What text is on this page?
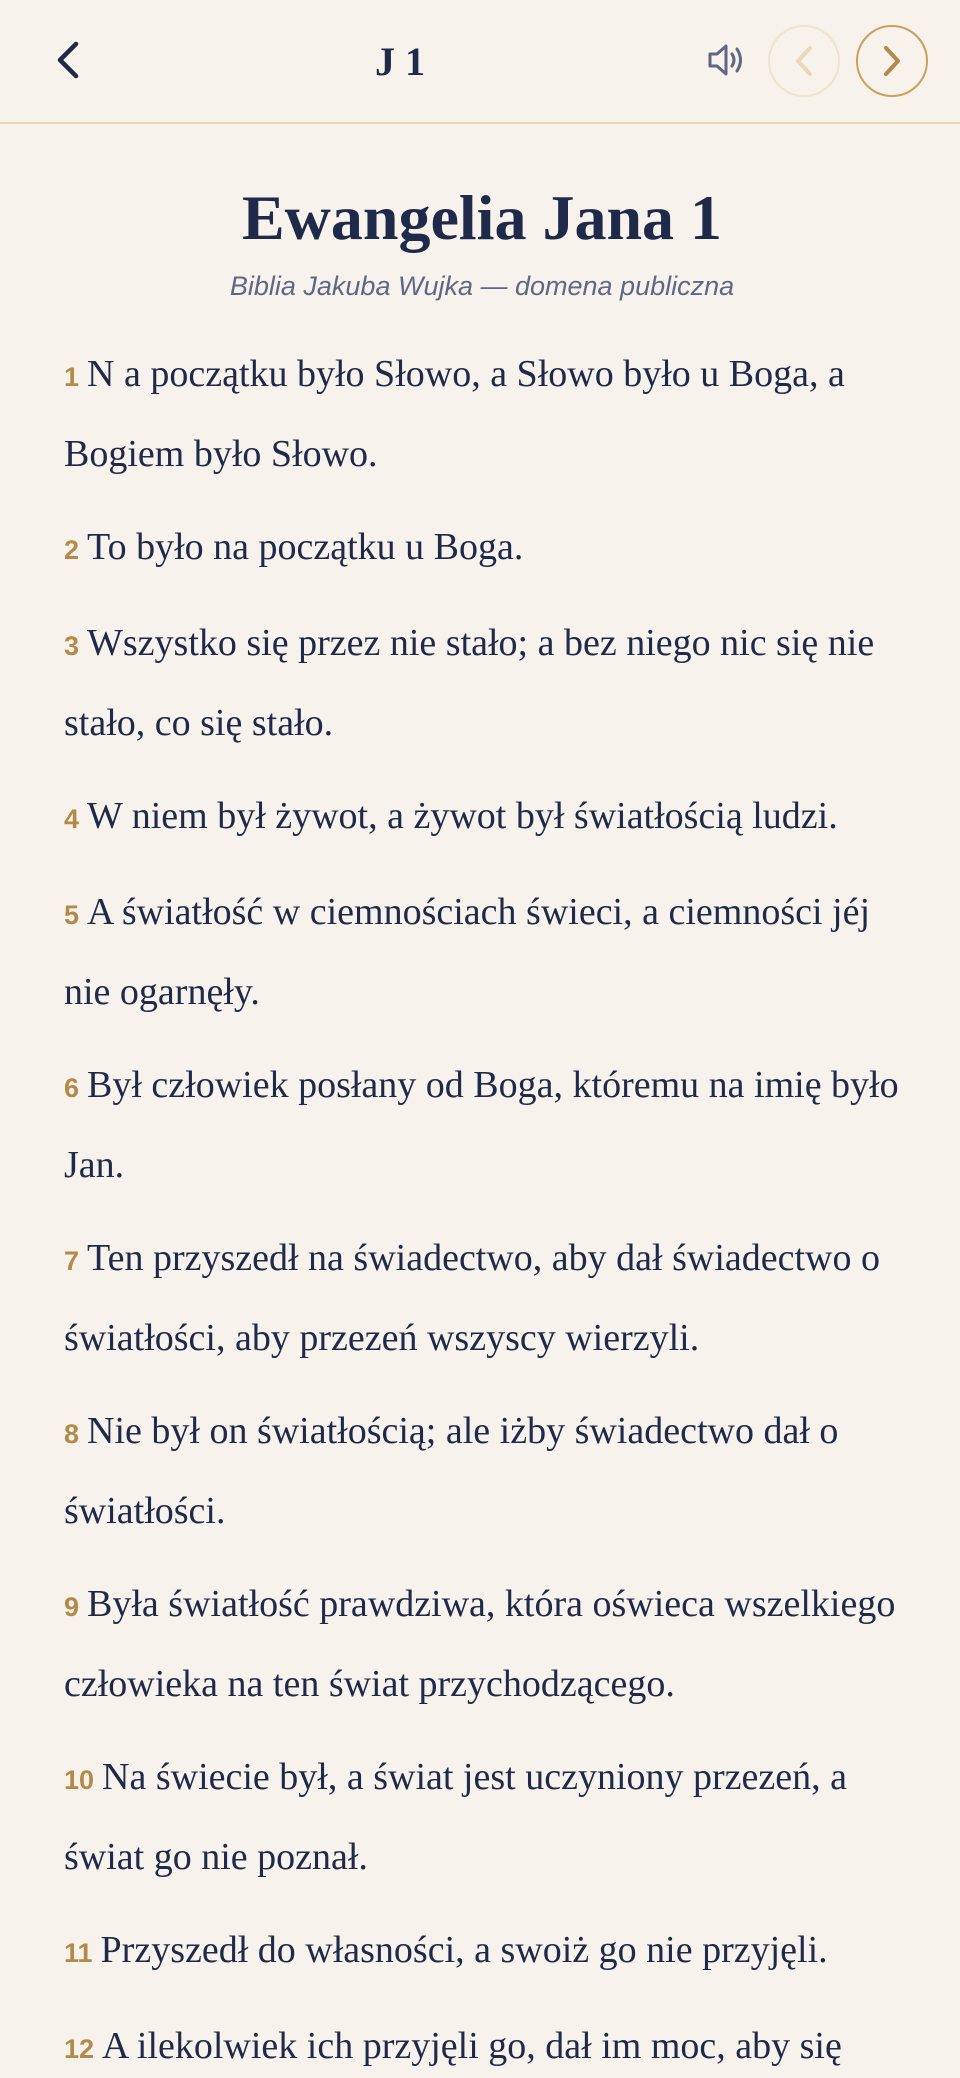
J 1
Ewangelia Jana 1
Biblia Jakuba Wujka — domena publiczna

1 N a początku było Słowo, a Słowo było u Boga, a Bogiem było Słowo.

2 To było na początku u Boga.

3 Wszystko się przez nie stało; a bez niego nic się nie stało, co się stało.

4 W niem był żywot, a żywot był światłością ludzi.

5 A światłość w ciemnościach świeci, a ciemności jéj nie ogarnęły.

6 Był człowiek posłany od Boga, któremu na imię było Jan.

7 Ten przyszedł na świadectwo, aby dał świadectwo o światłości, aby przezeń wszyscy wierzyli.

8 Nie był on światłością; ale iżby świadectwo dał o światłości.

9 Była światłość prawdziwa, która oświeca wszelkiego człowieka na ten świat przychodzącego.

10 Na świecie był, a świat jest uczyniony przezeń, a świat go nie poznał.

11 Przyszedł do własności, a swoiż go nie przyjęli.

12 A ilekolwiek ich przyjęli go, dał im moc, aby się
